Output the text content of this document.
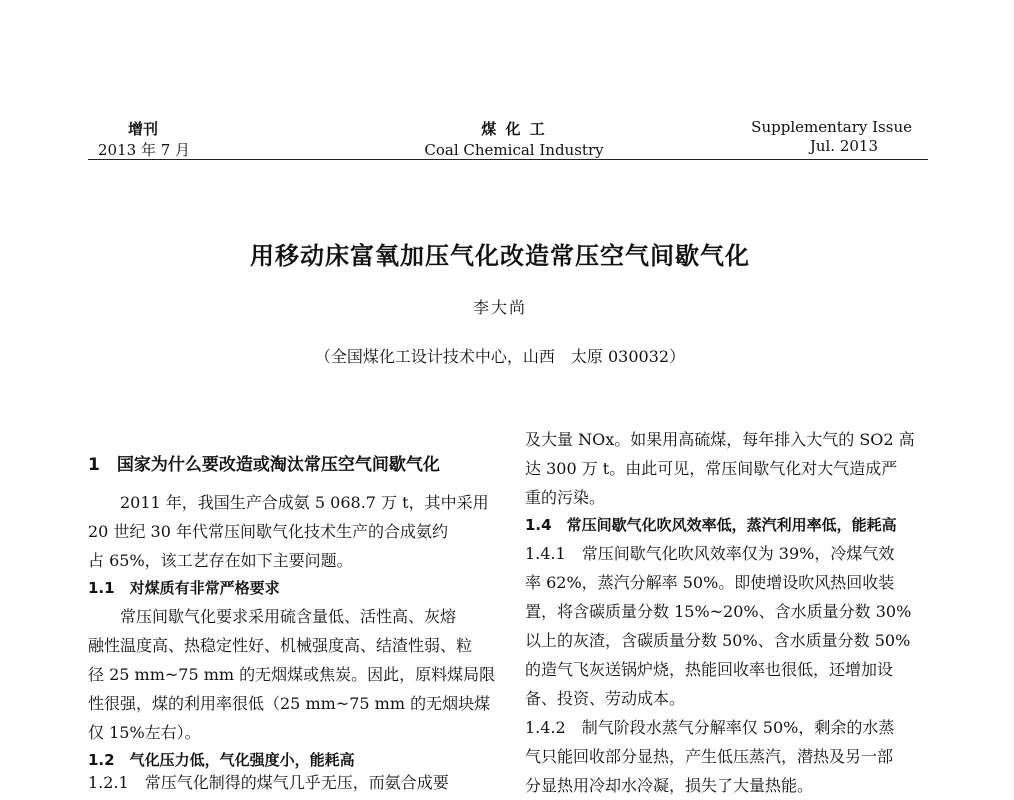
增刊
2013 年 7 月
煤 化 工
Coal Chemical Industry
Supplementary Issue
Jul. 2013
用移动床富氧加压气化改造常压空气间歇气化
李大尚
（全国煤化工设计技术中心，山西　太原 030032）
1　国家为什么要改造或淘汰常压空气间歇气化
2011 年，我国生产合成氨 5 068.7 万 t，其中采用
20 世纪 30 年代常压间歇气化技术生产的合成氨约
占 65%，该工艺存在如下主要问题。
1.1　对煤质有非常严格要求
常压间歇气化要求采用硫含量低、活性高、灰熔
融性温度高、热稳定性好、机械强度高、结渣性弱、粒
径 25 mm~75 mm 的无烟煤或焦炭。因此，原料煤局限
性很强，煤的利用率很低（25 mm~75 mm 的无烟块煤
仅 15%左右）。
1.2　气化压力低，气化强度小，能耗高
1.2.1　常压气化制得的煤气几乎无压，而氨合成要
及大量 NOx。如果用高硫煤，每年排入大气的 SO2 高
达 300 万 t。由此可见，常压间歇气化对大气造成严
重的污染。
1.4　常压间歇气化吹风效率低，蒸汽利用率低，能耗高
1.4.1　常压间歇气化吹风效率仅为 39%，冷煤气效
率 62%，蒸汽分解率 50%。即使增设吹风热回收装
置，将含碳质量分数 15%~20%、含水质量分数 30%
以上的灰渣，含碳质量分数 50%、含水质量分数 50%
的造气飞灰送锅炉烧，热能回收率也很低，还增加设
备、投资、劳动成本。
1.4.2　制气阶段水蒸气分解率仅 50%，剩余的水蒸
气只能回收部分显热，产生低压蒸汽，潜热及另一部
分显热用冷却水冷凝，损失了大量热能。
